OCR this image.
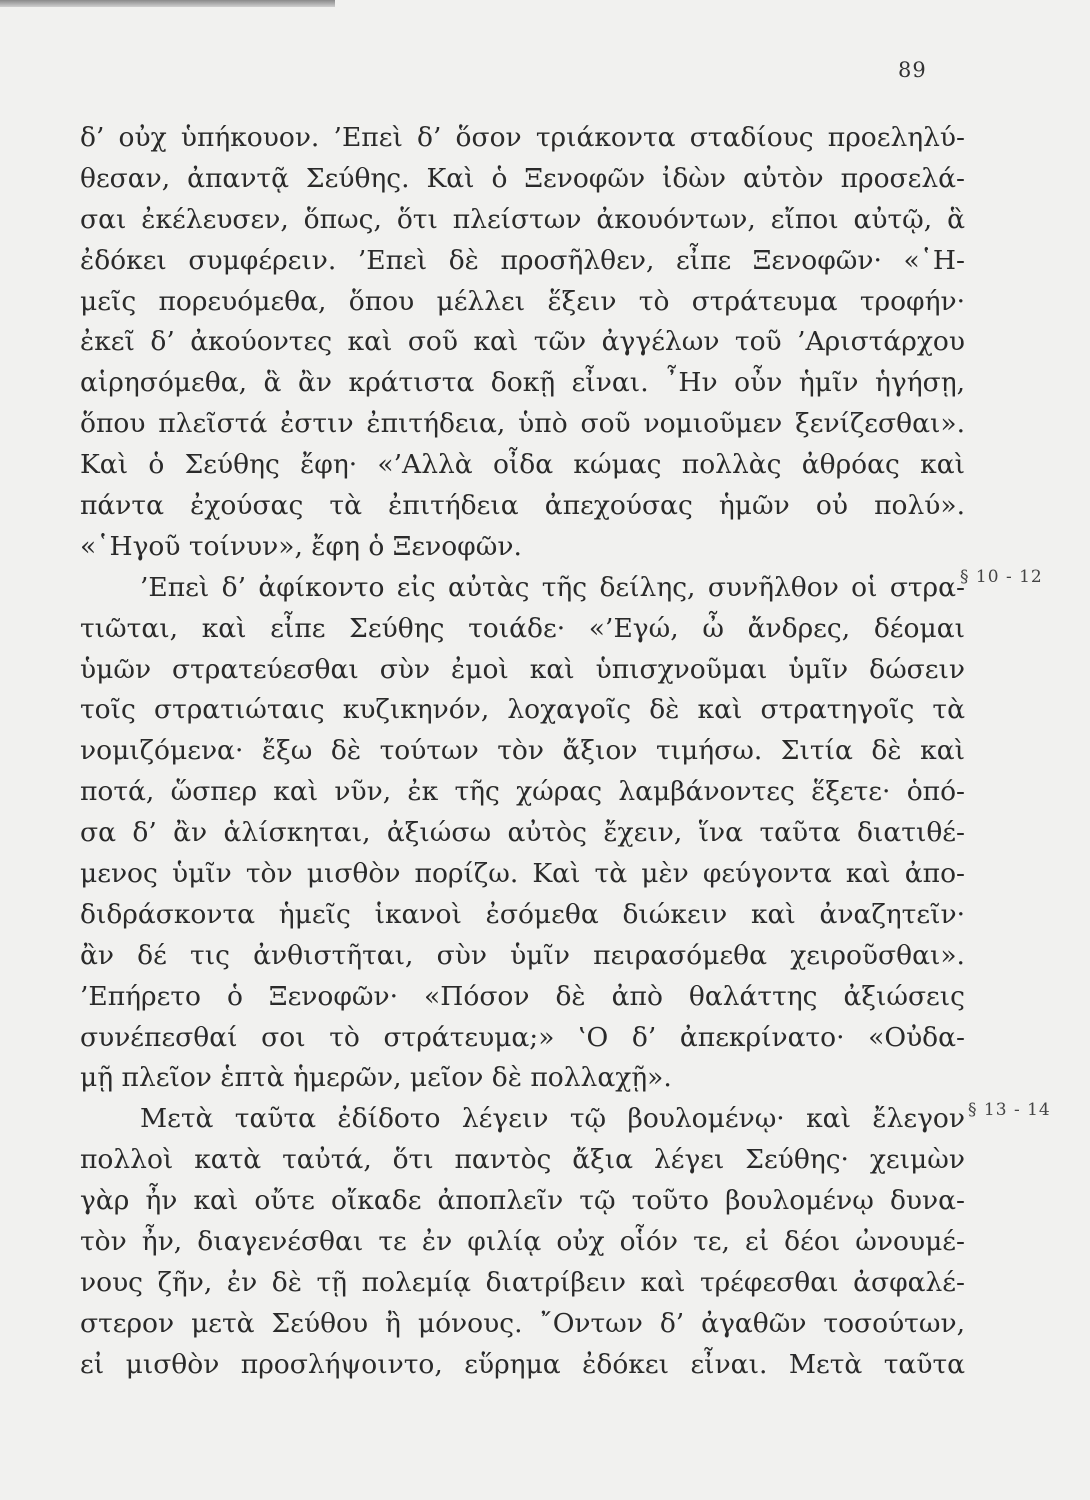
89
δ’ οὐχ ὑπήκουον. ’Επεὶ δ’ ὅσον τριάκοντα σταδίους προεληλύ-
θεσαν, ἀπαντᾷ Σεύθης. Καὶ ὁ Ξενοφῶν ἰδὼν αὐτὸν προσελά-
σαι ἐκέλευσεν, ὅπως, ὅτι πλείστων ἀκουόντων, εἴποι αὐτῷ, ἃ
ἐδόκει συμφέρειν. ’Επεὶ δὲ προσῆλθεν, εἶπε Ξενοφῶν· «῾Η-
μεῖς πορευόμεθα, ὅπου μέλλει ἕξειν τὸ στράτευμα τροφήν·
ἐκεῖ δ’ ἀκούοντες καὶ σοῦ καὶ τῶν ἀγγέλων τοῦ ’Αριστάρχου
αἱρησόμεθα, ἃ ἂν κράτιστα δοκῇ εἶναι. ῏Ην οὖν ἡμῖν ἡγήσῃ,
ὅπου πλεῖστά ἐστιν ἐπιτήδεια, ὑπὸ σοῦ νομιοῦμεν ξενίζεσθαι».
Καὶ ὁ Σεύθης ἔφη· «’Αλλὰ οἶδα κώμας πολλὰς ἀθρόας καὶ
πάντα ἐχούσας τὰ ἐπιτήδεια ἀπεχούσας ἡμῶν οὐ πολύ».
«῾Ηγοῦ τοίνυν», ἔφη ὁ Ξενοφῶν.
’Επεὶ δ’ ἀφίκοντο εἰς αὐτὰς τῆς δείλης, συνῆλθον οἱ στρα-
τιῶται, καὶ εἶπε Σεύθης τοιάδε· «’Εγώ, ὦ ἄνδρες, δέομαι
ὑμῶν στρατεύεσθαι σὺν ἐμοὶ καὶ ὑπισχνοῦμαι ὑμῖν δώσειν
τοῖς στρατιώταις κυζικηνόν, λοχαγοῖς δὲ καὶ στρατηγοῖς τὰ
νομιζόμενα· ἔξω δὲ τούτων τὸν ἄξιον τιμήσω. Σιτία δὲ καὶ
ποτά, ὥσπερ καὶ νῦν, ἐκ τῆς χώρας λαμβάνοντες ἕξετε· ὁπό-
σα δ’ ἂν ἁλίσκηται, ἀξιώσω αὐτὸς ἔχειν, ἵνα ταῦτα διατιθέ-
μενος ὑμῖν τὸν μισθὸν πορίζω. Καὶ τὰ μὲν φεύγοντα καὶ ἀπο-
διδράσκοντα ἡμεῖς ἱκανοὶ ἐσόμεθα διώκειν καὶ ἀναζητεῖν·
ἂν δέ τις ἀνθιστῆται, σὺν ὑμῖν πειρασόμεθα χειροῦσθαι».
’Επήρετο ὁ Ξενοφῶν· «Πόσον δὲ ἀπὸ θαλάττης ἀξιώσεις
συνέπεσθαί σοι τὸ στράτευμα;» ‛Ο δ’ ἀπεκρίνατο· «Οὐδα-
μῇ πλεῖον ἑπτὰ ἡμερῶν, μεῖον δὲ πολλαχῇ».
Μετὰ ταῦτα ἐδίδοτο λέγειν τῷ βουλομένῳ· καὶ ἔλεγον
πολλοὶ κατὰ ταὐτά, ὅτι παντὸς ἄξια λέγει Σεύθης· χειμὼν
γὰρ ἦν καὶ οὔτε οἴκαδε ἀποπλεῖν τῷ τοῦτο βουλομένῳ δυνα-
τὸν ἦν, διαγενέσθαι τε ἐν φιλίᾳ οὐχ οἷόν τε, εἰ δέοι ὠνουμέ-
νους ζῆν, ἐν δὲ τῇ πολεμίᾳ διατρίβειν καὶ τρέφεσθαι ἀσφαλέ-
στερον μετὰ Σεύθου ἢ μόνους. ῎Οντων δ’ ἀγαθῶν τοσούτων,
εἰ μισθὸν προσλήψοιντο, εὕρημα ἐδόκει εἶναι. Μετὰ ταῦτα
§ 10 - 12
§ 13 - 14
